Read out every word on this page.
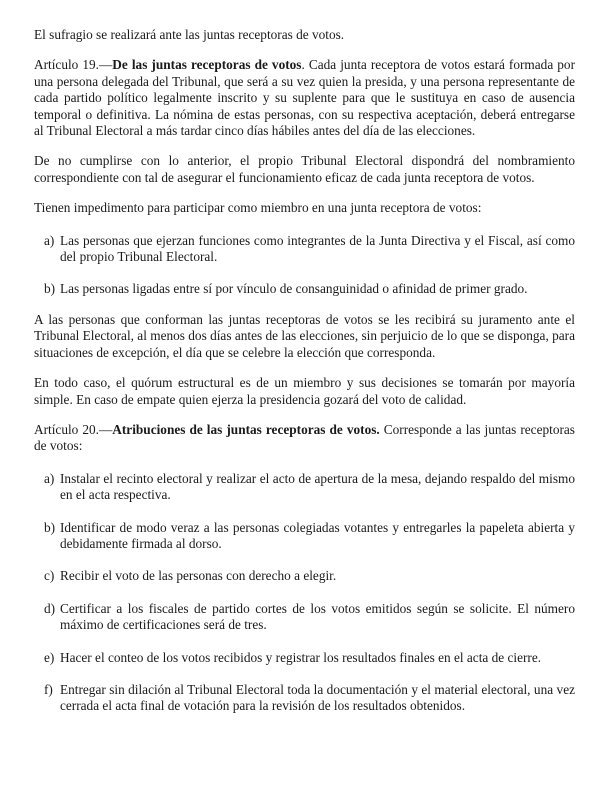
El sufragio se realizará ante las juntas receptoras de votos.

Artículo 19.—De las juntas receptoras de votos. Cada junta receptora de votos estará formada por una persona delegada del Tribunal, que será a su vez quien la presida, y una persona representante de cada partido político legalmente inscrito y su suplente para que le sustituya en caso de ausencia temporal o definitiva. La nómina de estas personas, con su respectiva aceptación, deberá entregarse al Tribunal Electoral a más tardar cinco días hábiles antes del día de las elecciones.

De no cumplirse con lo anterior, el propio Tribunal Electoral dispondrá del nombramiento correspondiente con tal de asegurar el funcionamiento eficaz de cada junta receptora de votos.

Tienen impedimento para participar como miembro en una junta receptora de votos:

a) Las personas que ejerzan funciones como integrantes de la Junta Directiva y el Fiscal, así como del propio Tribunal Electoral.
b) Las personas ligadas entre sí por vínculo de consanguinidad o afinidad de primer grado.

A las personas que conforman las juntas receptoras de votos se les recibirá su juramento ante el Tribunal Electoral, al menos dos días antes de las elecciones, sin perjuicio de lo que se disponga, para situaciones de excepción, el día que se celebre la elección que corresponda.

En todo caso, el quórum estructural es de un miembro y sus decisiones se tomarán por mayoría simple. En caso de empate quien ejerza la presidencia gozará del voto de calidad.

Artículo 20.—Atribuciones de las juntas receptoras de votos. Corresponde a las juntas receptoras de votos:

a) Instalar el recinto electoral y realizar el acto de apertura de la mesa, dejando respaldo del mismo en el acta respectiva.
b) Identificar de modo veraz a las personas colegiadas votantes y entregarles la papeleta abierta y debidamente firmada al dorso.
c) Recibir el voto de las personas con derecho a elegir.
d) Certificar a los fiscales de partido cortes de los votos emitidos según se solicite. El número máximo de certificaciones será de tres.
e) Hacer el conteo de los votos recibidos y registrar los resultados finales en el acta de cierre.
f) Entregar sin dilación al Tribunal Electoral toda la documentación y el material electoral, una vez cerrada el acta final de votación para la revisión de los resultados obtenidos.
